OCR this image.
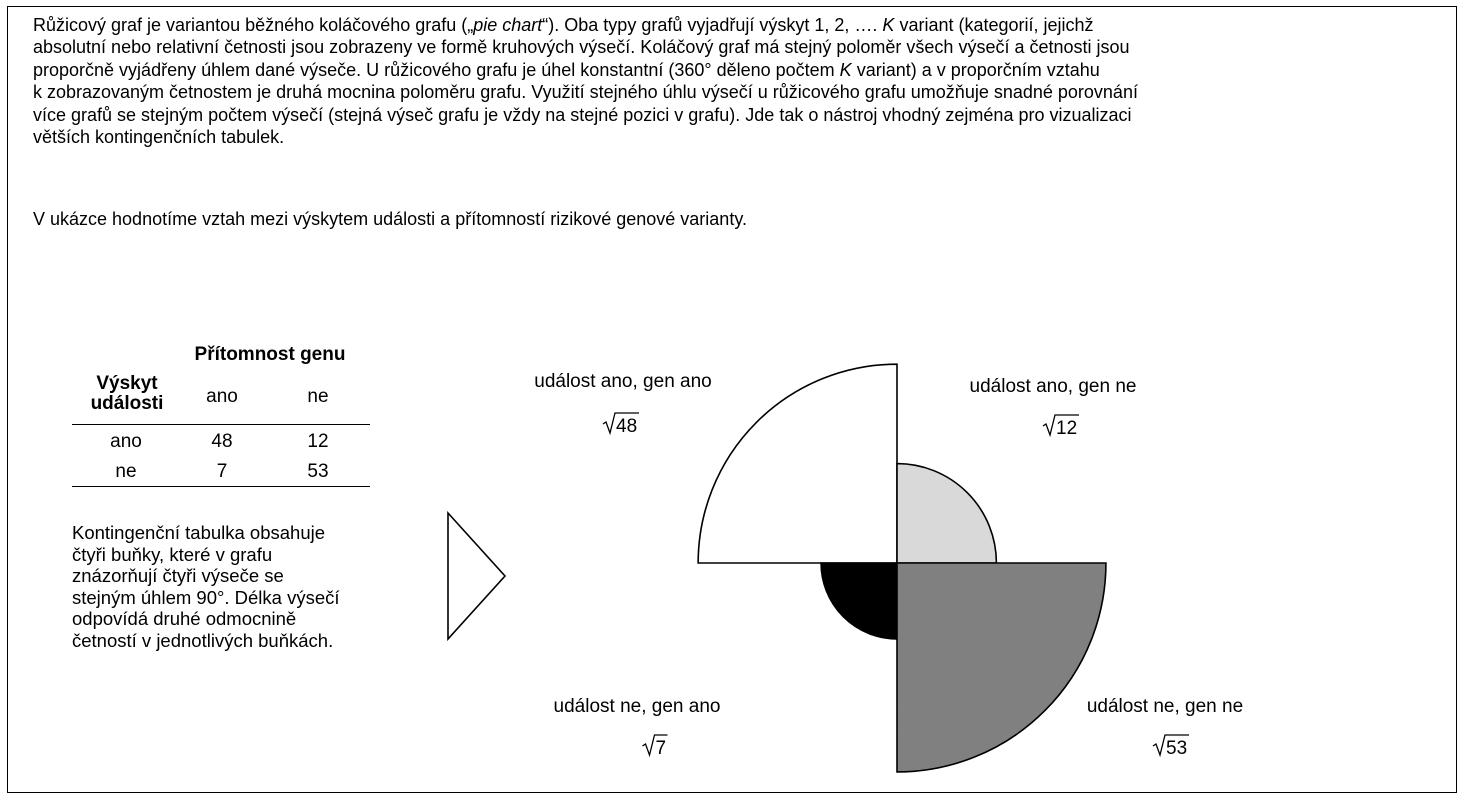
Růžicový graf je variantou běžného koláčového grafu („pie chart“). Oba typy grafů vyjadřují výskyt 1, 2, …. K variant (kategorií, jejichž
absolutní nebo relativní četnosti jsou zobrazeny ve formě kruhových výsečí. Koláčový graf má stejný poloměr všech výsečí a četnosti jsou
proporčně vyjádřeny úhlem dané výseče. U růžicového grafu je úhel konstantní (360° děleno počtem K variant) a v proporčním vztahu
k zobrazovaným četnostem je druhá mocnina poloměru grafu. Využití stejného úhlu výsečí u růžicového grafu umožňuje snadné porovnání
více grafů se stejným počtem výsečí (stejná výseč grafu je vždy na stejné pozici v grafu). Jde tak o nástroj vhodný zejména pro vizualizaci
větších kontingenčních tabulek.

V ukázce hodnotíme vztah mezi výskytem události a přítomností rizikové genové varianty.

Přítomnost genu
Výskyt
události	ano	ne
ano	48	12
ne	7	53

Kontingenční tabulka obsahuje
čtyři buňky, které v grafu
znázorňují čtyři výseče se
stejným úhlem 90°. Délka výsečí
odpovídá druhé odmocnině
četností v jednotlivých buňkách.

událost ano, gen ano
48
událost ano, gen ne
12
událost ne, gen ano
7
událost ne, gen ne
53
